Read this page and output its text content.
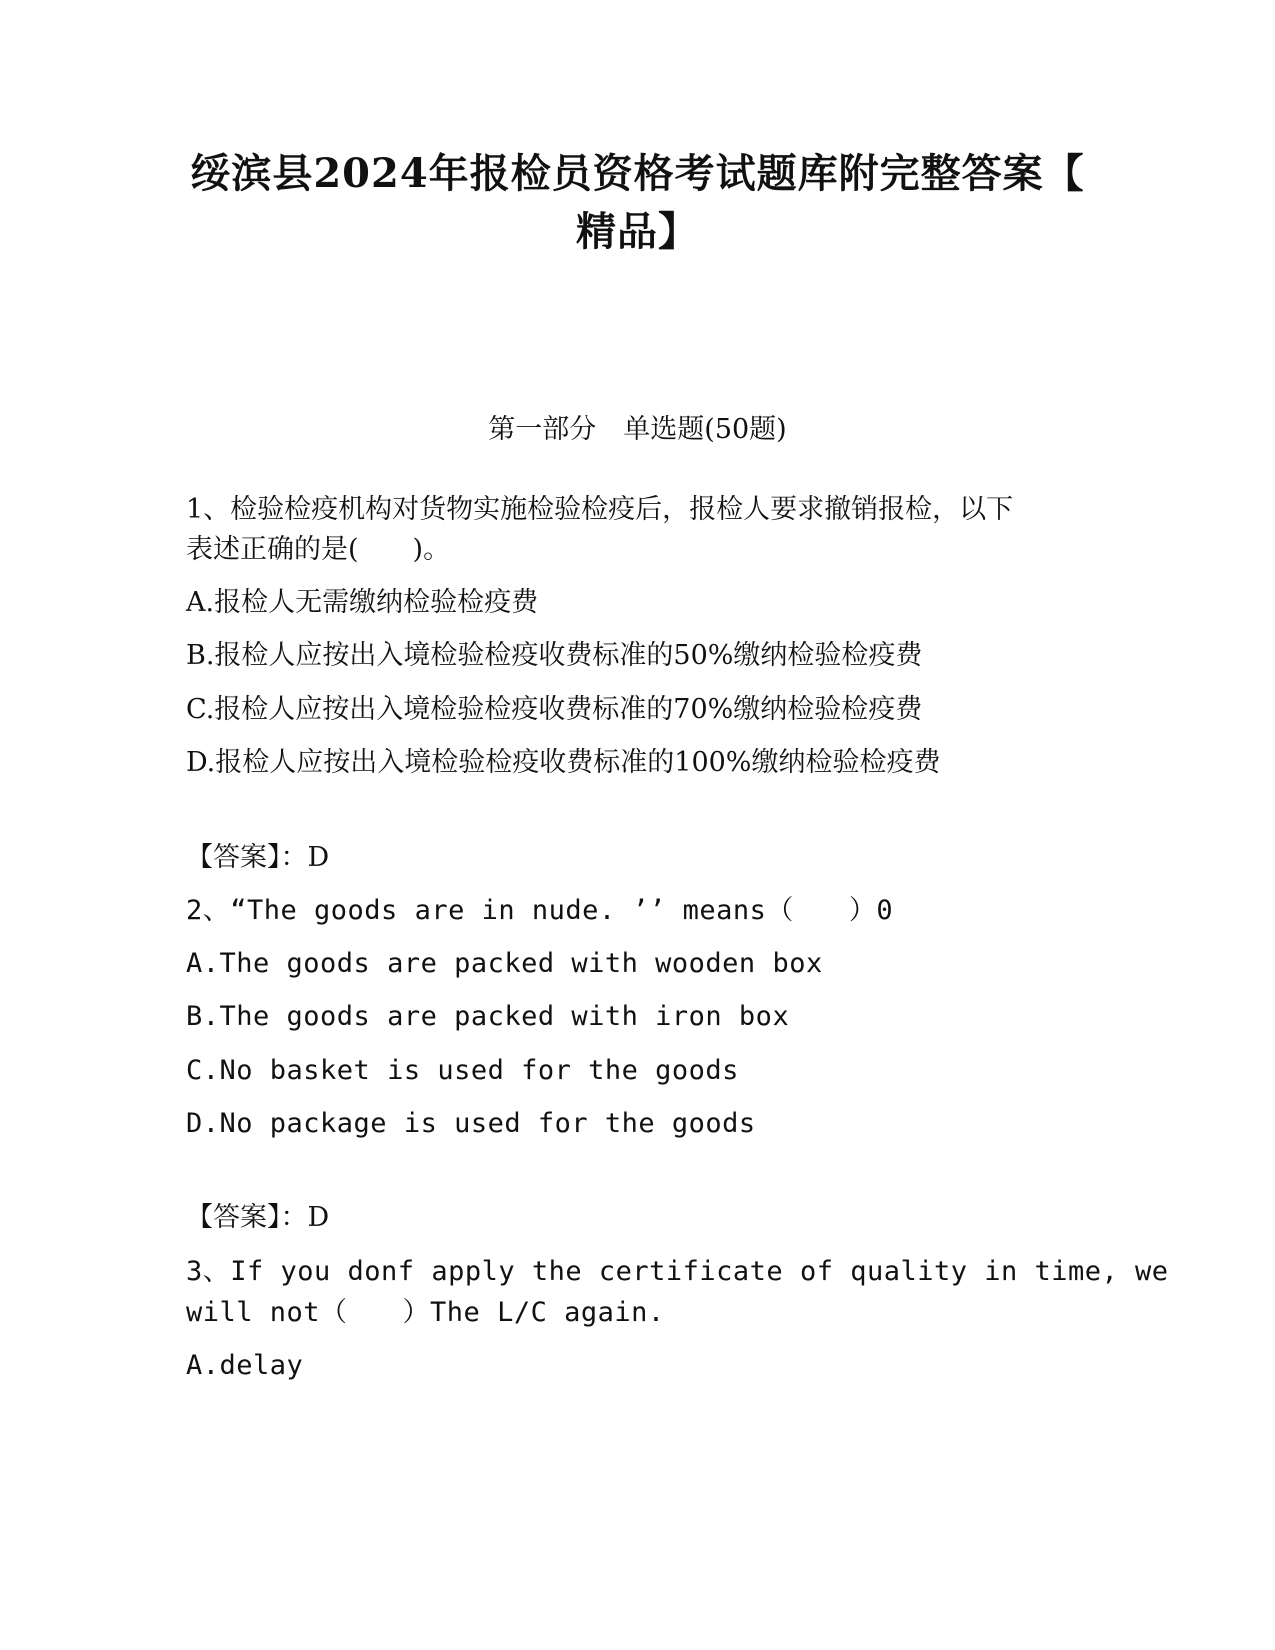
绥滨县2024年报检员资格考试题库附完整答案【
精品】
第一部分　单选题(50题)
1、检验检疫机构对货物实施检验检疫后，报检人要求撤销报检，以下
表述正确的是(　　)。
A.报检人无需缴纳检验检疫费
B.报检人应按出入境检验检疫收费标准的50%缴纳检验检疫费
C.报检人应按出入境检验检疫收费标准的70%缴纳检验检疫费
D.报检人应按出入境检验检疫收费标准的100%缴纳检验检疫费
【答案】：D
2、“The goods are in nude. ’’ means（　　）0
A.The goods are packed with wooden box
B.The goods are packed with iron box
C.No basket is used for the goods
D.No package is used for the goods
【答案】：D
3、If you donf apply the certificate of quality in time, we
will not（　　）The L/C again.
A.delay
